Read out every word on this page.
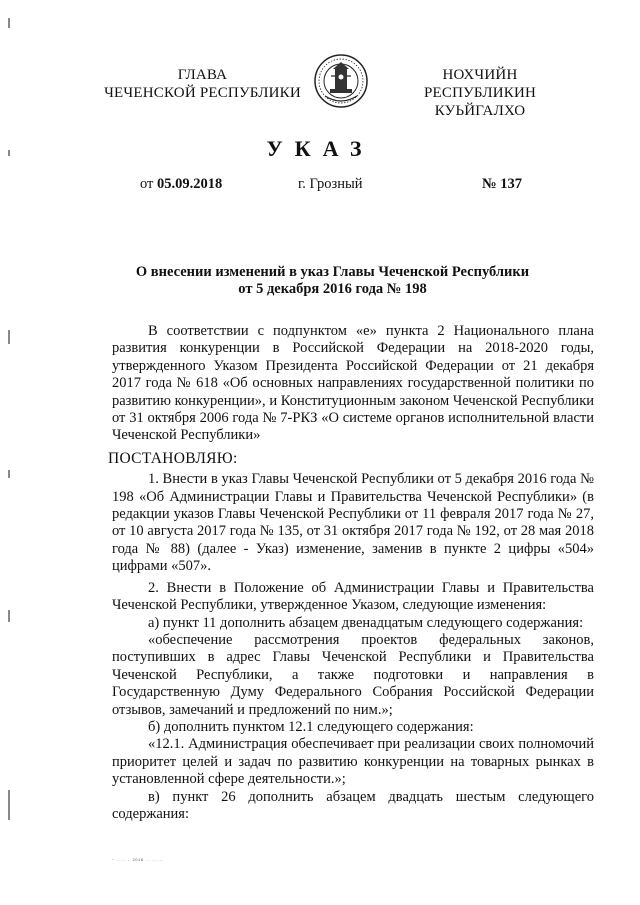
ГЛАВА
ЧЕЧЕНСКОЙ РЕСПУБЛИКИ
НОХЧИЙН РЕСПУБЛИКИН
КУЬЙГАЛХО
УКАЗ
от 05.09.2018	г. Грозный	№ 137
О внесении изменений в указ Главы Чеченской Республики
от 5 декабря 2016 года № 198

В соответствии с подпунктом «е» пункта 2 Национального плана развития конкуренции в Российской Федерации на 2018-2020 годы, утвержденного Указом Президента Российской Федерации от 21 декабря 2017 года № 618 «Об основных направлениях государственной политики по развитию конкуренции», и Конституционным законом Чеченской Республики от 31 октября 2006 года № 7-РКЗ «О системе органов исполнительной власти Чеченской Республики»

ПОСТАНОВЛЯЮ:

1. Внести в указ Главы Чеченской Республики от 5 декабря 2016 года № 198 «Об Администрации Главы и Правительства Чеченской Республики» (в редакции указов Главы Чеченской Республики от 11 февраля 2017 года № 27, от 10 августа 2017 года № 135, от 31 октября 2017 года № 192, от 28 мая 2018 года № 88) (далее - Указ) изменение, заменив в пункте 2 цифры «504» цифрами «507».

2. Внести в Положение об Администрации Главы и Правительства Чеченской Республики, утвержденное Указом, следующие изменения:

а) пункт 11 дополнить абзацем двенадцатым следующего содержания:

«обеспечение рассмотрения проектов федеральных законов, поступивших в адрес Главы Чеченской Республики и Правительства Чеченской Республики, а также подготовки и направления в Государственную Думу Федерального Собрания Российской Федерации отзывов, замечаний и предложений по ним.»;

б) дополнить пунктом 12.1 следующего содержания:

«12.1. Администрация обеспечивает при реализации своих полномочий приоритет целей и задач по развитию конкуренции на товарных рынках в установленной сфере деятельности.»;

в) пункт 26 дополнить абзацем двадцать шестым следующего содержания:

~ .. ... .. 2018 ... ... ...
